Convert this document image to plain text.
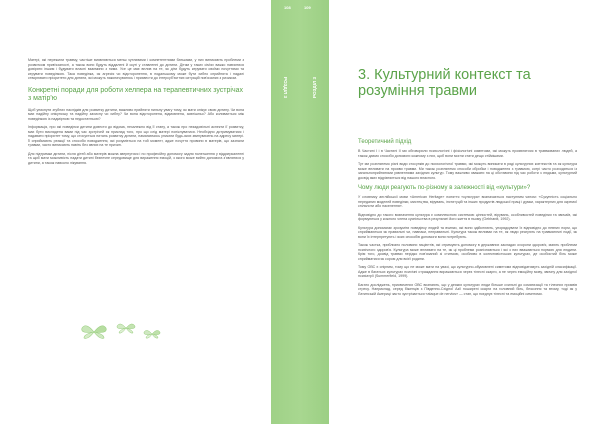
Матері, які пережили травму, частіше виявляються менш чутливими і компетентними батьками, у них виникають проблеми з розвитком прив'язаності, а також вони будуть віддалені й скуті у ставленні до дитини. Дітям у таких сім'ях важко навчитися довіряти іншим і будувати власні взаємини з ними. Усе це має вплив на те, як діти будуть керувати своїми почуттями та керувати поведінкою. Така поведінка, як агресія чи відсторонення, в подальшому може бути хибно сприйнята і надалі створювати пріоритети для дитини, які можуть накопичуватись і призвести до інтерсуб'єктних ситуацій пов'язаних з ризиком.

Конкретні поради для роботи хелпера на терапевтичних зустрічах з матір'ю

Щоб уникнути згубних наслідків для розвитку дитини, важливо прийняти пильну увагу тому, як мати опікує свою дитину. Чи вона має надійну опікунську та надійну захисну чи хибну? Чи вона відсторонена, відмовлена, зовнішньо? Або коливається між поведінкою із надмірною та недостатньою?

Інформація, про які поведінки дитини довести до відома, незалежно від її стану, а також про незадовільні аспекти її розвитку, має бути викладена вами під час зустрічей як приклад того, про що слід матері попіклуватися. Необхідно дотримуватися і надавати пріоритет тому, що стосується питань розвитку дитини, намагаючись уникати будь-яких звинувачень на адресу матері. Її сприймають реакції та способи поводження, які розуміється на той момент, адже почуття провини в матерів, що зазнали травми, часто виникають навіть без явних на те причин.

Для підтримки дитини, після дітей або матерів можна звернутися і по професійну допомогу задля полегшення у віддзеркаленні та щоб мати можливість надати дитині безпечне середовище для вираження емоцій, з якого може вийти допомога з'являтися у дитини, а також навколо лікування.

108
РОЗДІЛ 3
109
РОЗДІЛ 3
3. Культурний контекст та розуміння травми
Теоретичний підхід

В Частині I і в Частині II ми обговорили психологічні і фізіологічні симптоми, які можуть проявлятися в травмованих людей, а також даємо способи допомоги кожному з них, щоб вони могли стати дещо стійкішими.

Тут ми розглянемо різні види стосунків до психологічної травми, які можуть виникати в ряді культурних контекстів та як культура може впливати на прояви травми. Ми також розглянемо способи обробки і поводження з травмою, котрі часто розходяться із загальноприйнятими уявленнями західних культур. Тому важливо зважати на ці обставини під час роботи з людьми, культурний досвід яких відрізняється від нашого власного.

Чому люди реагують по-різному в залежності від «культури»?

У словнику англійської мови «American Heritage» поняття «культура» визначається наступним чином: «Сукупність соціально переданих моделей поведінки, мистецтва, вірувань, інституцій та інших продуктів людської праці і думки, характерних для окремої спільноти або населення».

Відповідно до такого визначення культура є комплексною системою цінностей, вірувань, особливостей поведінки та звичаїв, які формуються у кожного члена суспільства в результаті його життя в ньому (Gebhardt, 1992).

Культура допомагає зрозуміти поведінку людей та вчинки, які вони здійснюють, упорядкувати їх відповідно до певних норм, що сприймаються як правильні чи, навпаки, неправильні. Культура також впливає на те, як люди реагують на травматичні події, як вони їх інтерпретують і яких способів допомоги вони потребують.

Також частка, приблизно половини пацієнтів, які отримують допомогу в державних закладах охорони здоров'я, мають проблеми психічного здоров'я. Культура може впливати на те, як ці проблеми розпізнаються і які з них вважаються нормою для людини. Крім того, досвід травми нерідко пов'язаний зі стигмою, особливо в колективістських культурах, де особистий біль може сприйматися як сором для всієї родини.

Тому ОВС є спірним, тому що не може мати на увазі, що культурно-обумовлені симптоми відповідатимуть західній класифікації. Адже в багатьох культурах психічні страждання виражаються через тілесні скарги, а не через емоційну мову, звичну для західної психіатрії (Summerfield, 1999).

Багато досліджень, присвячених ОВС визнають, що у деяких культурах люди більше схильні до соматизації та тілесних проявів стресу. Наприклад, серед біженців з Південно-Східної Азії поширені скарги на головний біль, безсоння та втому, тоді як у Латинській Америці часто зустрічається «ataque de nervios» — стан, що поєднує тілесні та емоційні симптоми.
